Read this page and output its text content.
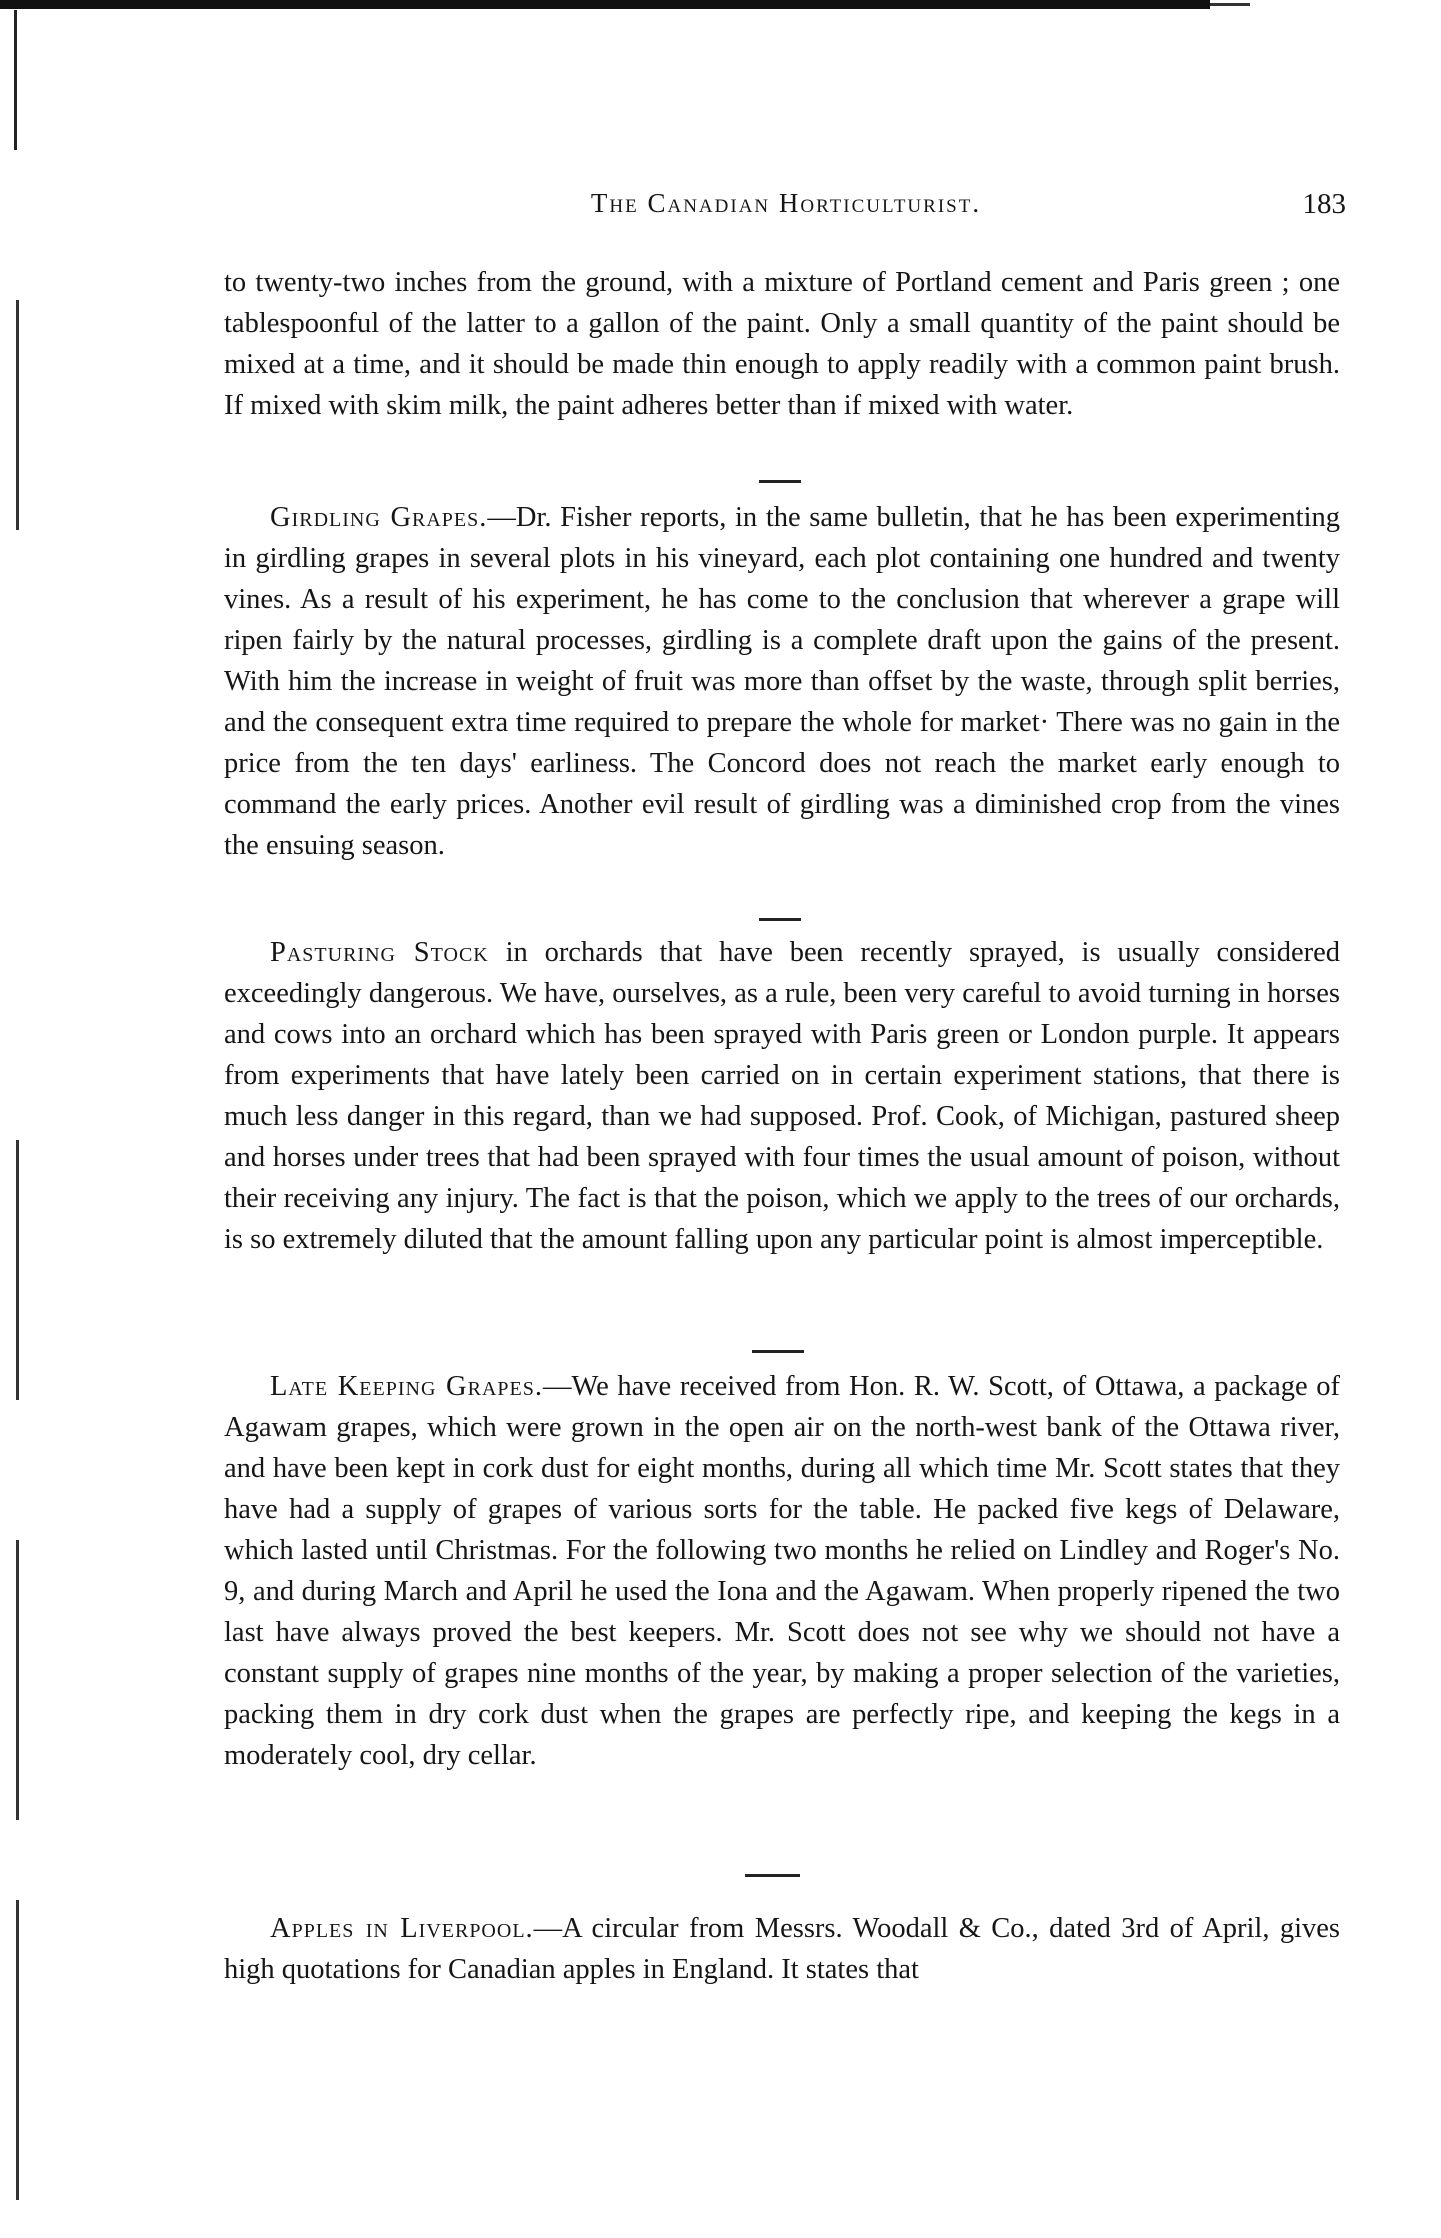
The Canadian Horticulturist.	183

to twenty-two inches from the ground, with a mixture of Portland cement and Paris green ; one tablespoonful of the latter to a gallon of the paint. Only a small quantity of the paint should be mixed at a time, and it should be made thin enough to apply readily with a common paint brush. If mixed with skim milk, the paint adheres better than if mixed with water.

Girdling Grapes.—Dr. Fisher reports, in the same bulletin, that he has been experimenting in girdling grapes in several plots in his vineyard, each plot containing one hundred and twenty vines. As a result of his experiment, he has come to the conclusion that wherever a grape will ripen fairly by the natural processes, girdling is a complete draft upon the gains of the present. With him the increase in weight of fruit was more than offset by the waste, through split berries, and the consequent extra time required to prepare the whole for market· There was no gain in the price from the ten days' earliness. The Concord does not reach the market early enough to command the early prices. Another evil result of girdling was a diminished crop from the vines the ensuing season.

Pasturing Stock in orchards that have been recently sprayed, is usually considered exceedingly dangerous. We have, ourselves, as a rule, been very careful to avoid turning in horses and cows into an orchard which has been sprayed with Paris green or London purple. It appears from experiments that have lately been carried on in certain experiment stations, that there is much less danger in this regard, than we had supposed. Prof. Cook, of Michigan, pastured sheep and horses under trees that had been sprayed with four times the usual amount of poison, without their receiving any injury. The fact is that the poison, which we apply to the trees of our orchards, is so extremely diluted that the amount falling upon any particular point is almost imperceptible.

Late Keeping Grapes.—We have received from Hon. R. W. Scott, of Ottawa, a package of Agawam grapes, which were grown in the open air on the north-west bank of the Ottawa river, and have been kept in cork dust for eight months, during all which time Mr. Scott states that they have had a supply of grapes of various sorts for the table. He packed five kegs of Delaware, which lasted until Christmas. For the following two months he relied on Lindley and Roger's No. 9, and during March and April he used the Iona and the Agawam. When properly ripened the two last have always proved the best keepers. Mr. Scott does not see why we should not have a constant supply of grapes nine months of the year, by making a proper selection of the varieties, packing them in dry cork dust when the grapes are perfectly ripe, and keeping the kegs in a moderately cool, dry cellar.

Apples in Liverpool.—A circular from Messrs. Woodall & Co., dated 3rd of April, gives high quotations for Canadian apples in England. It states that
